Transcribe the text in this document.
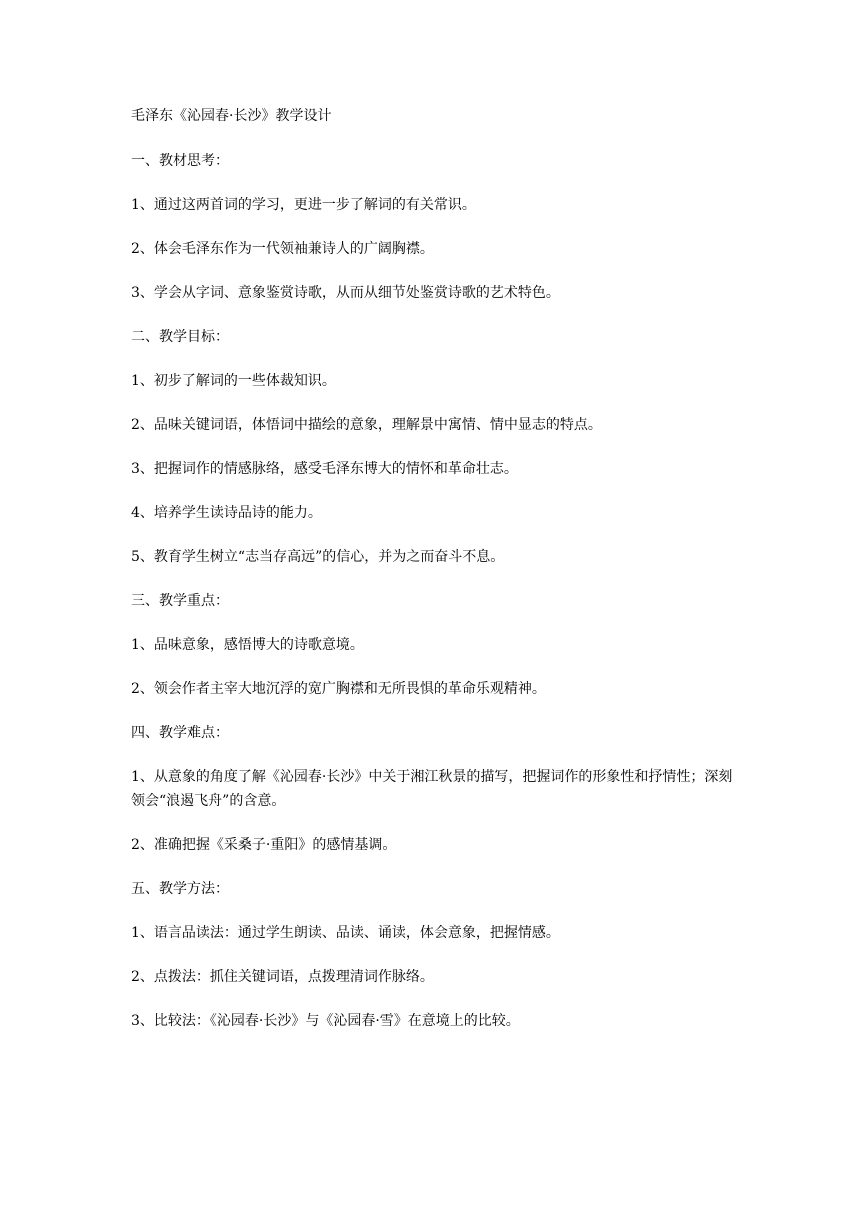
毛泽东《沁园春·长沙》教学设计

一、教材思考：

1、通过这两首词的学习，更进一步了解词的有关常识。

2、体会毛泽东作为一代领袖兼诗人的广阔胸襟。

3、学会从字词、意象鉴赏诗歌，从而从细节处鉴赏诗歌的艺术特色。

二、教学目标：

1、初步了解词的一些体裁知识。

2、品味关键词语，体悟词中描绘的意象，理解景中寓情、情中显志的特点。

3、把握词作的情感脉络，感受毛泽东博大的情怀和革命壮志。

4、培养学生读诗品诗的能力。

5、教育学生树立“志当存高远”的信心，并为之而奋斗不息。

三、教学重点：

1、品味意象，感悟博大的诗歌意境。

2、领会作者主宰大地沉浮的宽广胸襟和无所畏惧的革命乐观精神。

四、教学难点：

1、从意象的角度了解《沁园春·长沙》中关于湘江秋景的描写，把握词作的形象性和抒情性；深刻领会“浪遏飞舟”的含意。

2、准确把握《采桑子·重阳》的感情基调。

五、教学方法：

1、语言品读法：通过学生朗读、品读、诵读，体会意象，把握情感。

2、点拨法：抓住关键词语，点拨理清词作脉络。

3、比较法：《沁园春·长沙》与《沁园春·雪》在意境上的比较。
